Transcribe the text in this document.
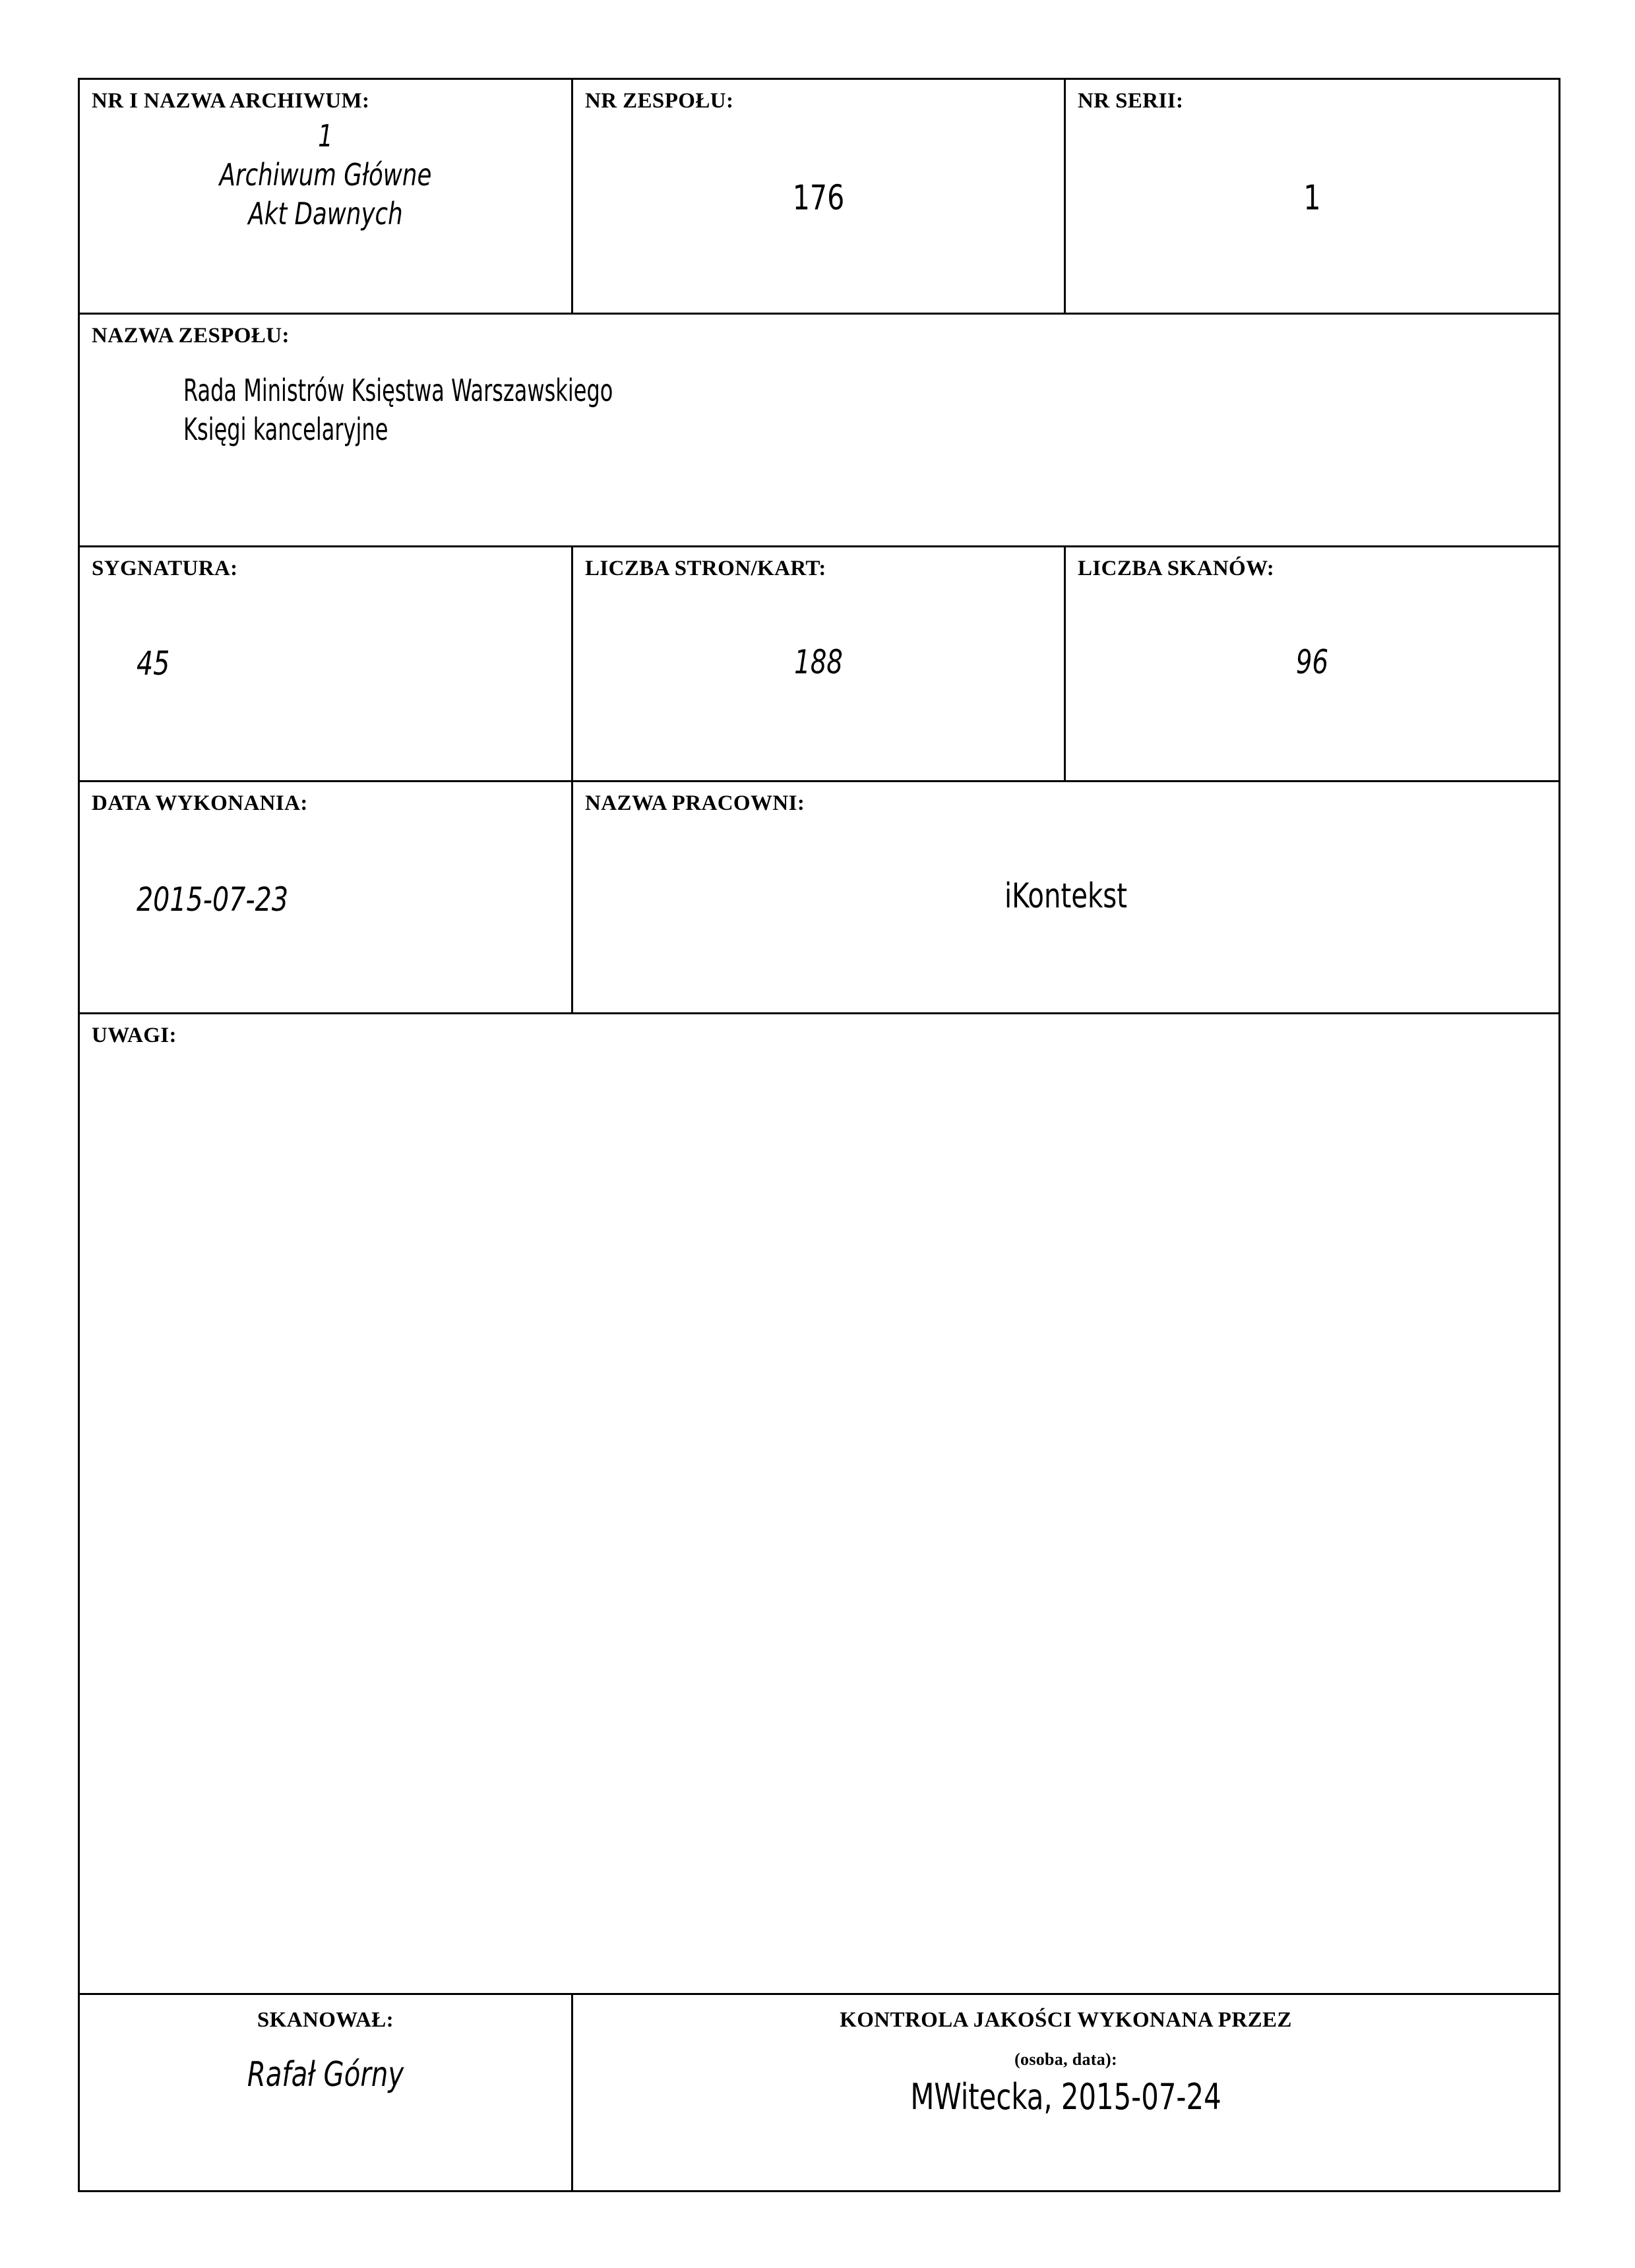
NR I NAZWA ARCHIWUM:
1
Archiwum Główne
Akt Dawnych

NR ZESPOŁU:
176

NR SERII:
1

NAZWA ZESPOŁU:
Rada Ministrów Księstwa Warszawskiego
Księgi kancelaryjne		

SYGNATURA:
45	LICZBA STRON/KART:
188	LICZBA SKANÓW:
96

DATA WYKONANIA:
2015-07-23	NAZWA PRACOWNI:
iKontekst	

UWAGI:		

SKANOWAŁ:
Rafał Górny	KONTROLA JAKOŚCI WYKONANA PRZEZ
(osoba, data):
MWitecka, 2015-07-24	
